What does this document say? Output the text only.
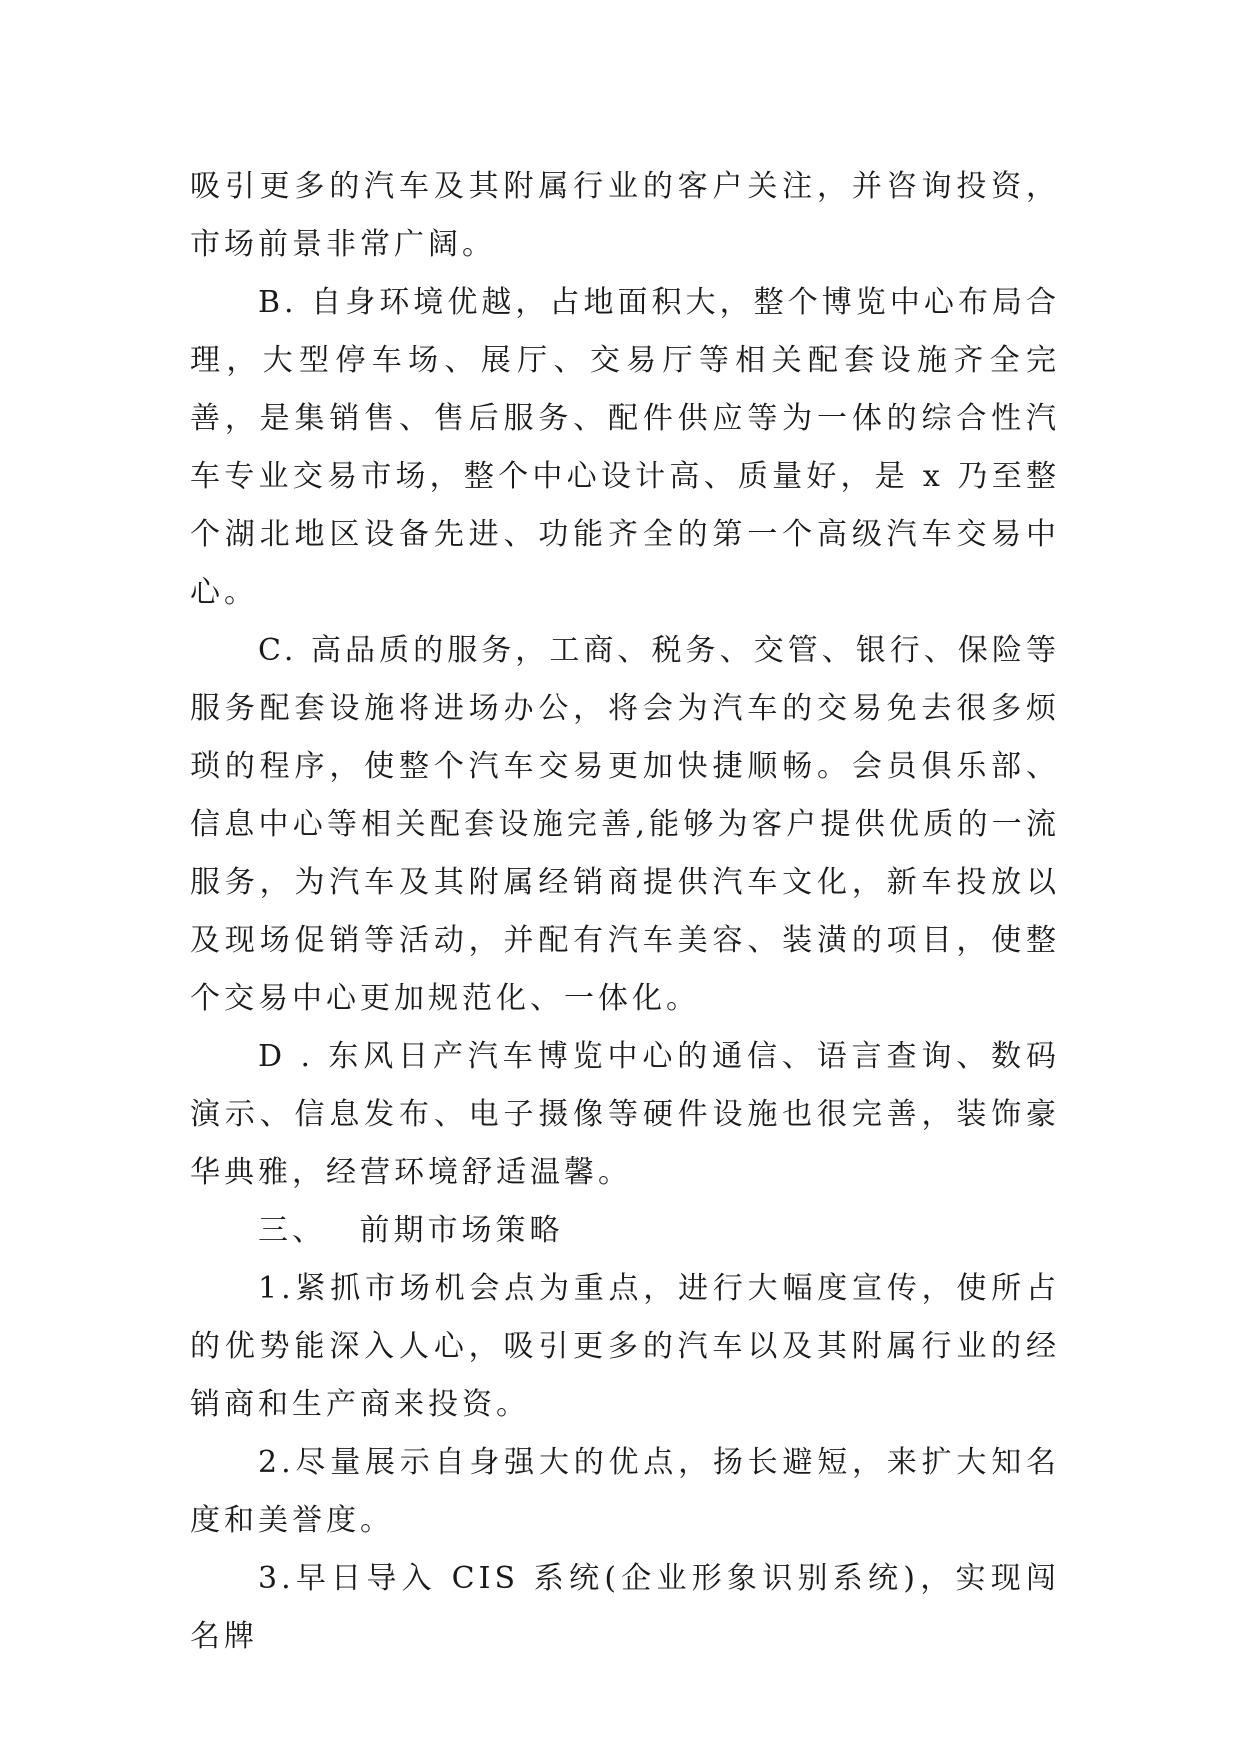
吸引更多的汽车及其附属行业的客户关注，并咨询投资，市场前景非常广阔。

B. 自身环境优越，占地面积大，整个博览中心布局合理，大型停车场、展厅、交易厅等相关配套设施齐全完善，是集销售、售后服务、配件供应等为一体的综合性汽车专业交易市场，整个中心设计高、质量好，是 x 乃至整个湖北地区设备先进、功能齐全的第一个高级汽车交易中心。

C. 高品质的服务，工商、税务、交管、银行、保险等服务配套设施将进场办公，将会为汽车的交易免去很多烦琐的程序，使整个汽车交易更加快捷顺畅。会员俱乐部、信息中心等相关配套设施完善,能够为客户提供优质的一流服务，为汽车及其附属经销商提供汽车文化，新车投放以及现场促销等活动，并配有汽车美容、装潢的项目，使整个交易中心更加规范化、一体化。

D . 东风日产汽车博览中心的通信、语言查询、数码演示、信息发布、电子摄像等硬件设施也很完善，装饰豪华典雅，经营环境舒适温馨。

三、 前期市场策略

1.紧抓市场机会点为重点，进行大幅度宣传，使所占的优势能深入人心，吸引更多的汽车以及其附属行业的经销商和生产商来投资。

2.尽量展示自身强大的优点，扬长避短，来扩大知名度和美誉度。

3.早日导入 CIS 系统(企业形象识别系统)，实现闯名牌
